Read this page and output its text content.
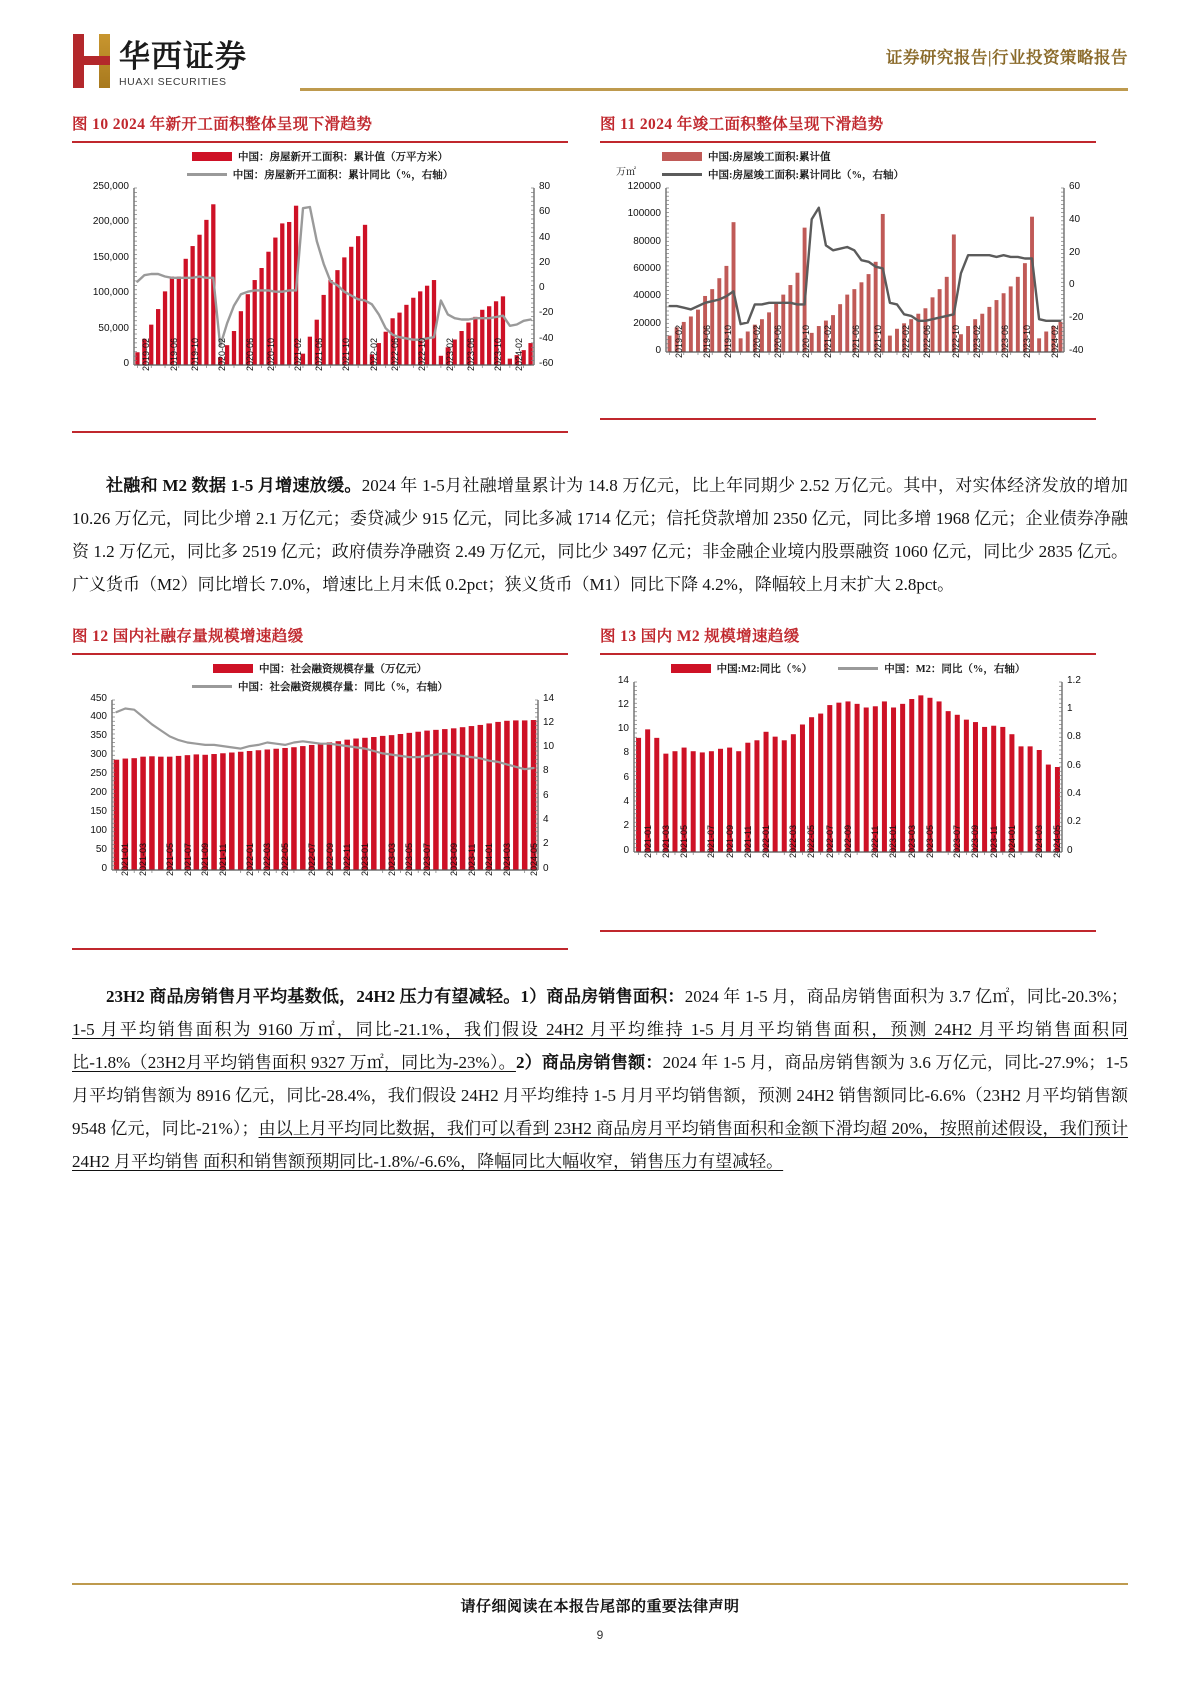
华西证券
HUAXI SECURITIES
证券研究报告|行业投资策略报告
图 10 2024 年新开工面积整体呈现下滑趋势
中国：房屋新开工面积：累计值（万平方米）
中国：房屋新开工面积：累计同比（%，右轴）
0
50,000
100,000
150,000
200,000
250,000
-60
-40
-20
0
20
40
60
80
2019-02 2019-06 2019-10 2020-02 2020-06 2020-10 2021-02 2021-06 2021-10 2022-02 2022-06 2022-10 2023-02 2023-06 2023-10 2024-02
图 11 2024 年竣工面积整体呈现下滑趋势
万㎡
中国:房屋竣工面积:累计值
中国:房屋竣工面积:累计同比（%，右轴）
0
20000
40000
60000
80000
100000
120000
-40
-20
0
20
40
60
2019-02 2019-06 2019-10 2020-02 2020-06 2020-10 2021-02 2021-06 2021-10 2022-02 2022-06 2022-10 2023-02 2023-06 2023-10 2024-02
社融和 M2 数据 1-5 月增速放缓。2024 年 1-5月社融增量累计为 14.8 万亿元，比上年同期少 2.52 万亿元。其中，对实体经济发放的增加 10.26 万亿元，同比少增 2.1 万亿元；委贷减少 915 亿元，同比多减 1714 亿元；信托贷款增加 2350 亿元，同比多增 1968 亿元；企业债券净融资 1.2 万亿元，同比多 2519 亿元；政府债券净融资 2.49 万亿元，同比少 3497 亿元；非金融企业境内股票融资 1060 亿元，同比少 2835 亿元。广义货币（M2）同比增长 7.0%，增速比上月末低 0.2pct；狭义货币（M1）同比下降 4.2%，降幅较上月末扩大 2.8pct。
图 12 国内社融存量规模增速趋缓
中国：社会融资规模存量（万亿元）
中国：社会融资规模存量：同比（%，右轴）
0
50
100
150
200
250
300
350
400
450
0
2
4
6
8
10
12
14
2021-01 2021-03 2021-05 2021-07 2021-09 2021-11 2022-01 2022-03 2022-05 2022-07 2022-09 2022-11 2023-01 2023-03 2023-05 2023-07 2023-09 2023-11 2024-01 2024-03 2024-05
图 13 国内 M2 规模增速趋缓
中国:M2:同比（%）	中国：M2：同比（%，右轴）
0
2
4
6
8
10
12
14
0
0.2
0.4
0.6
0.8
1
1.2
2021-01 2021-03 2021-05 2021-07 2021-09 2021-11 2022-01 2022-03 2022-05 2022-07 2022-09 2022-11 2023-01 2023-03 2023-05 2023-07 2023-09 2023-11 2024-01 2024-03 2024-05
23H2 商品房销售月平均基数低，24H2 压力有望减轻。1）商品房销售面积：2024 年 1-5 月，商品房销售面积为 3.7 亿㎡，同比-20.3%；1-5 月平均销售面积为 9160 万㎡，同比-21.1%，我们假设 24H2 月平均维持 1-5 月月平均销售面积，预测 24H2 月平均销售面积同比-1.8%（23H2月平均销售面积 9327 万㎡，同比为-23%）。2）商品房销售额：2024 年 1-5 月，商品房销售额为 3.6 万亿元，同比-27.9%；1-5 月平均销售额为 8916 亿元，同比-28.4%，我们假设 24H2 月平均维持 1-5 月月平均销售额，预测 24H2 销售额同比-6.6%（23H2 月平均销售额 9548 亿元，同比-21%）；由以上月平均同比数据，我们可以看到 23H2 商品房月平均销售面积和金额下滑均超 20%，按照前述假设，我们预计 24H2 月平均销售 面积和销售额预期同比-1.8%/-6.6%，降幅同比大幅收窄，销售压力有望减轻。
请仔细阅读在本报告尾部的重要法律声明
9
